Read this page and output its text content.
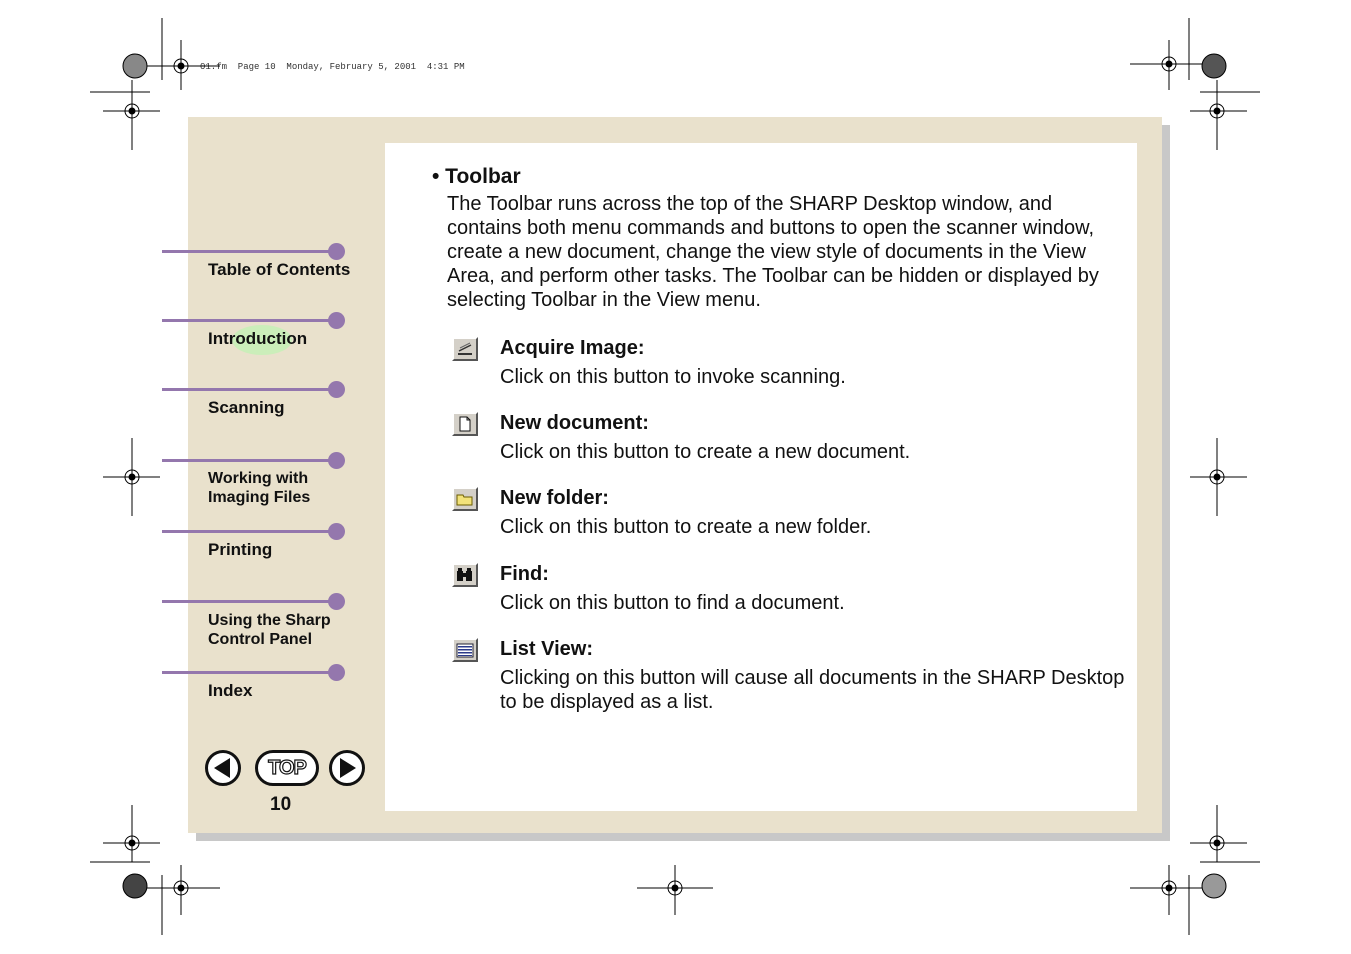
01.fm  Page 10  Monday, February 5, 2001  4:31 PM
Table of Contents
Introduction
Scanning
Working with
Imaging Files
Printing
Using the Sharp
Control Panel
Index
TOP
10
• Toolbar
The Toolbar runs across the top of the SHARP Desktop window, and contains both menu commands and buttons to open the scanner window, create a new document, change the view style of documents in the View Area, and perform other tasks. The Toolbar can be hidden or displayed by selecting Toolbar in the View menu.
Acquire Image:
Click on this button to invoke scanning.
New document:
Click on this button to create a new document.
New folder:
Click on this button to create a new folder.
Find:
Click on this button to find a document.
List View:
Clicking on this button will cause all documents in the SHARP Desktop to be displayed as a list.
